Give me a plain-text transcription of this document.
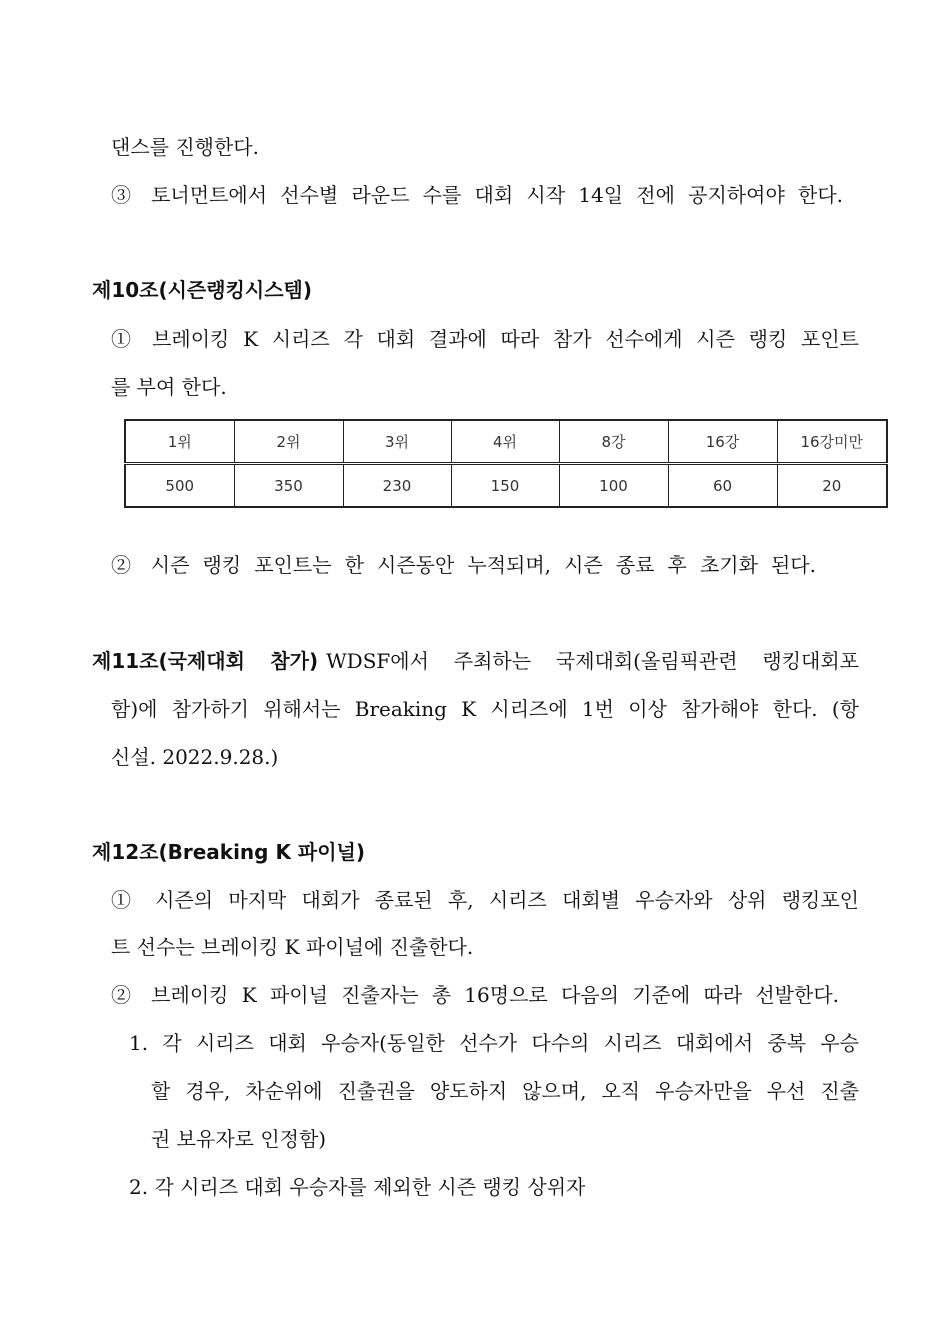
댄스를 진행한다.
③ 토너먼트에서 선수별 라운드 수를 대회 시작 14일 전에 공지하여야 한다.
제10조(시즌랭킹시스템)
① 브레이킹 K 시리즈 각 대회 결과에 따라 참가 선수에게 시즌 랭킹 포인트
를 부여 한다.
1위	2위	3위	4위	8강	16강	16강미만
500	350	230	150	100	60	20
② 시즌 랭킹 포인트는 한 시즌동안 누적되며, 시즌 종료 후 초기화 된다.
제11조(국제대회 참가) WDSF에서 주최하는 국제대회(올림픽관련 랭킹대회포
함)에 참가하기 위해서는 Breaking K 시리즈에 1번 이상 참가해야 한다. (항
신설. 2022.9.28.)
제12조(Breaking K 파이널)
① 시즌의 마지막 대회가 종료된 후, 시리즈 대회별 우승자와 상위 랭킹포인
트 선수는 브레이킹 K 파이널에 진출한다.
② 브레이킹 K 파이널 진출자는 총 16명으로 다음의 기준에 따라 선발한다.
1. 각 시리즈 대회 우승자(동일한 선수가 다수의 시리즈 대회에서 중복 우승
할 경우, 차순위에 진출권을 양도하지 않으며, 오직 우승자만을 우선 진출
권 보유자로 인정함)
2. 각 시리즈 대회 우승자를 제외한 시즌 랭킹 상위자
